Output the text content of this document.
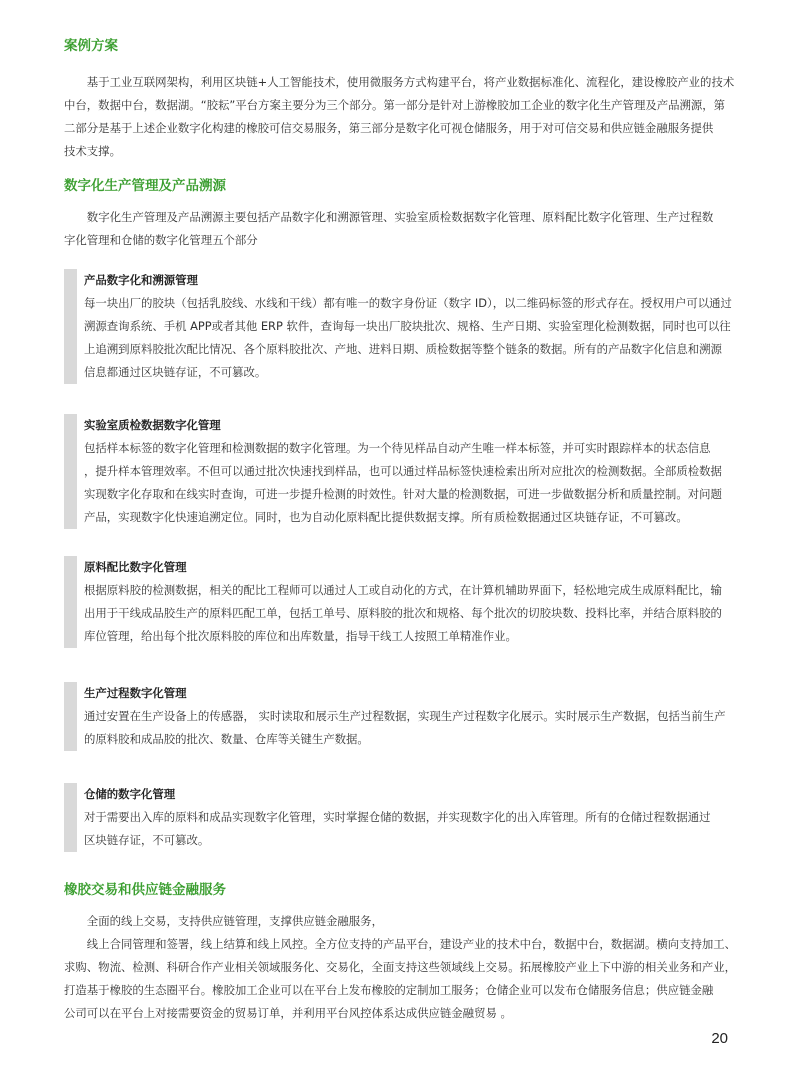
案例方案

基于工业互联网架构，利用区块链+人工智能技术，使用微服务方式构建平台，将产业数据标准化、流程化，建设橡胶产业的技术

中台，数据中台，数据湖。“胶耘”平台方案主要分为三个部分。第一部分是针对上游橡胶加工企业的数字化生产管理及产品溯源，第

二部分是基于上述企业数字化构建的橡胶可信交易服务，第三部分是数字化可视仓储服务，用于对可信交易和供应链金融服务提供

技术支撑。

数字化生产管理及产品溯源

数字化生产管理及产品溯源主要包括产品数字化和溯源管理、实验室质检数据数字化管理、原料配比数字化管理、生产过程数

字化管理和仓储的数字化管理五个部分

产品数字化和溯源管理

每一块出厂的胶块（包括乳胶线、水线和干线）都有唯一的数字身份证（数字 ID），以二维码标签的形式存在。授权用户可以通过

溯源查询系统、手机 APP或者其他 ERP 软件，查询每一块出厂胶块批次、规格、生产日期、实验室理化检测数据，同时也可以往

上追溯到原料胶批次配比情况、各个原料胶批次、产地、进料日期、质检数据等整个链条的数据。所有的产品数字化信息和溯源

信息都通过区块链存证，不可篡改。

实验室质检数据数字化管理

包括样本标签的数字化管理和检测数据的数字化管理。为一个待见样品自动产生唯一样本标签，并可实时跟踪样本的状态信息

，提升样本管理效率。不但可以通过批次快速找到样品，也可以通过样品标签快速检索出所对应批次的检测数据。全部质检数据

实现数字化存取和在线实时查询，可进一步提升检测的时效性。针对大量的检测数据，可进一步做数据分析和质量控制。对问题

产品，实现数字化快速追溯定位。同时，也为自动化原料配比提供数据支撑。所有质检数据通过区块链存证，不可篡改。

原料配比数字化管理

根据原料胶的检测数据，相关的配比工程师可以通过人工或自动化的方式，在计算机辅助界面下，轻松地完成生成原料配比，输

出用于干线成品胶生产的原料匹配工单，包括工单号、原料胶的批次和规格、每个批次的切胶块数、投料比率，并结合原料胶的

库位管理，给出每个批次原料胶的库位和出库数量，指导干线工人按照工单精准作业。

生产过程数字化管理

通过安置在生产设备上的传感器， 实时读取和展示生产过程数据，实现生产过程数字化展示。实时展示生产数据，包括当前生产

的原料胶和成品胶的批次、数量、仓库等关键生产数据。

仓储的数字化管理

对于需要出入库的原料和成品实现数字化管理，实时掌握仓储的数据，并实现数字化的出入库管理。所有的仓储过程数据通过

区块链存证，不可篡改。

橡胶交易和供应链金融服务

全面的线上交易，支持供应链管理，支撑供应链金融服务，

线上合同管理和签署，线上结算和线上风控。全方位支持的产品平台，建设产业的技术中台，数据中台，数据湖。横向支持加工、

求购、物流、检测、科研合作产业相关领域服务化、交易化，全面支持这些领域线上交易。拓展橡胶产业上下中游的相关业务和产业，

打造基于橡胶的生态圈平台。橡胶加工企业可以在平台上发布橡胶的定制加工服务；仓储企业可以发布仓储服务信息；供应链金融

公司可以在平台上对接需要资金的贸易订单，并利用平台风控体系达成供应链金融贸易 。

20
